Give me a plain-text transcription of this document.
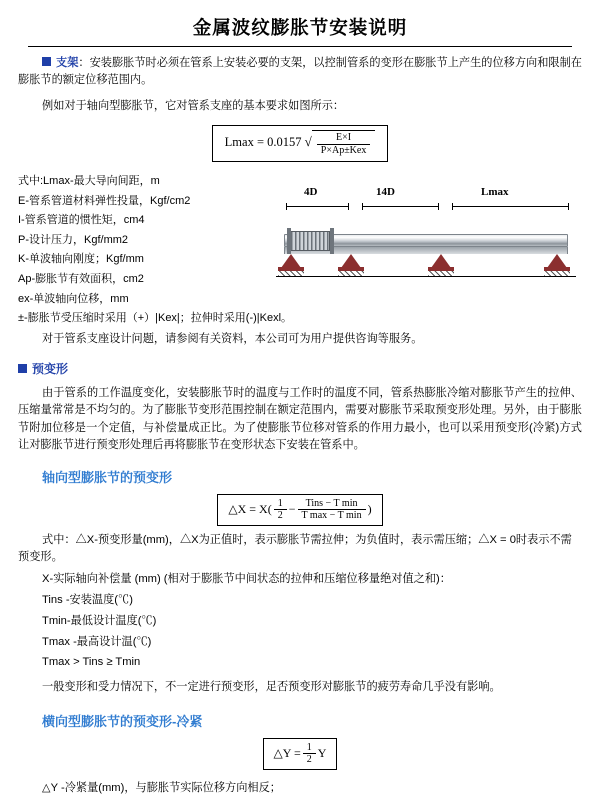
金属波纹膨胀节安装说明

支架：安装膨胀节时必须在管系上安装必要的支架，以控制管系的变形在膨胀节上产生的位移方向和限制在膨胀节的额定位移范围内。

例如对于轴向型膨胀节，它对管系支座的基本要求如图所示：

Lmax = 0.0157 √ $\frac{E\times I}{\text{P×Ap±Kex}}$
式中:Lmax-最大导向间距，m
E-管系管道材料弹性投量，Kgf/cm2
I-管系管道的惯性矩，cm4
P-设计压力，Kgf/mm2
K-单波轴向刚度；Kgf/mm
Ap-膨胀节有效面积，cm2
ex-单波轴向位移，mm
±-膨胀节受压缩时采用（+）|Kex|；拉伸时采用(-)|Kexl。
4D	14D	Lmax

对于管系支座设计问题，请参阅有关资料，本公司可为用户提供咨询等服务。

预变形

由于管系的工作温度变化，安装膨胀节时的温度与工作时的温度不同，管系热膨胀冷缩对膨胀节产生的拉伸、压缩量常常是不均匀的。为了膨胀节变形范围控制在额定范围内，需要对膨胀节采取预变形处理。另外，由于膨胀节附加位移是一个定值，与补偿量成正比。为了使膨胀节位移对管系的作用力最小，也可以采用预变形(冷紧)方式让对膨胀节进行预变形处理后再将膨胀节在变形状态下安装在管系中。

轴向型膨胀节的预变形
△X = $X( \frac{1}{2} - \frac{\text{Tins − T min}}{\text{T max − T min}}$ )

式中：△X-预变形量(mm)，△X为正值时，表示膨胀节需拉伸；为负值时，表示需压缩；△X = 0时表示不需预变形。

X-实际轴向补偿量 (mm) (相对于膨胀节中间状态的拉伸和压缩位移量绝对值之和)：
Tins -安装温度(℃)
Tmin-最低设计温度(℃)
Tmax -最高设计温(℃)
Tmax > Tins ≥ Tmin

一般变形和受力情况下，不一定进行预变形，足否预变形对膨胀节的疲劳寿命几乎没有影响。

横向型膨胀节的预变形-冷紧
△Y = $\frac{1}{2}$ Y

△Y -冷紧量(mm)，与膨胀节实际位移方向相反；
